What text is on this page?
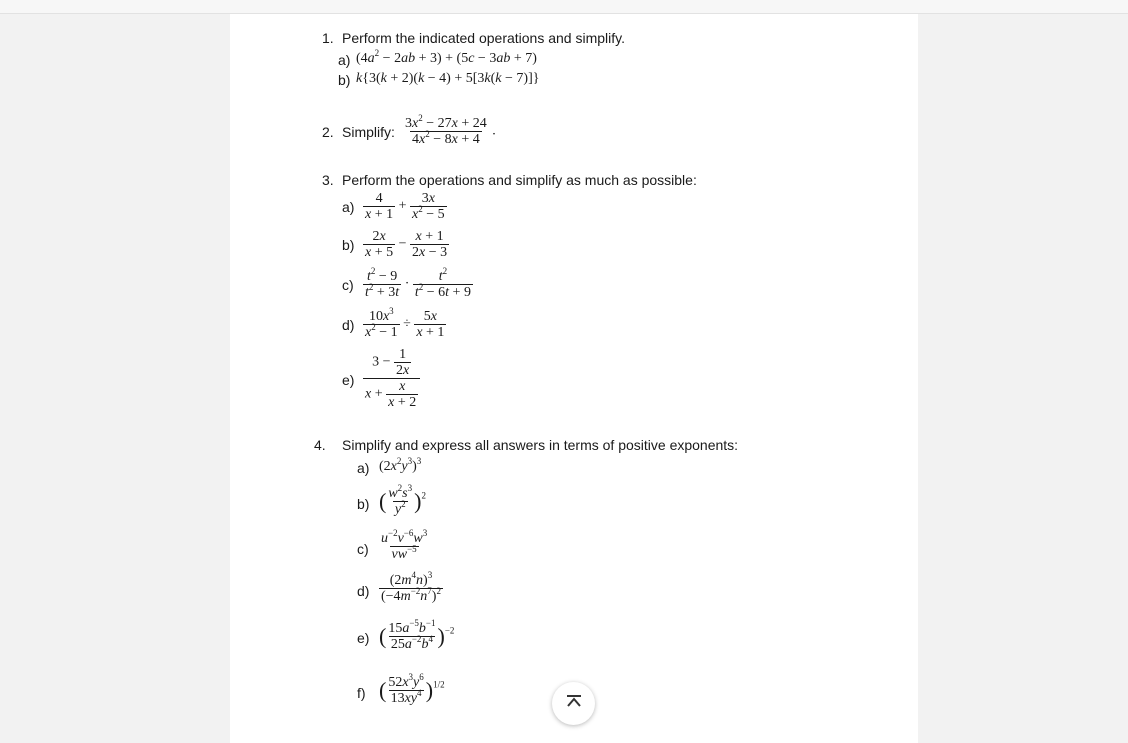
1. Perform the indicated operations and simplify.
a) $(4a^2 - 2ab + 3) + (5c - 3ab + 7)$
b) k{3(k + 2)(k − 4) + 5[3k(k − 7)]}
2. Simplify: $\frac{3x^2 - 27x + 24}{4x^2 - 8x + 4}$ .
3. Perform the operations and simplify as much as possible:
$a) \frac{4}{x + 1} + \frac{3x}{x^2 - 5}$
$b) \frac{2x}{x + 5} - \frac{x + 1}{2x - 3}$
$c) \frac{t^2 - 9}{t^2 + 3t} \cdot \frac{t^2}{t^2 - 6t + 9}$
$d) \frac{10x^3}{x^2 - 1} \div \frac{5x}{x + 1}$
$e) \frac{3 - \frac{1}{2x}}{x + \frac{x}{x + 2}}$
4. Simplify and express all answers in terms of positive exponents:
a) $(2x^2y^3)^3$
b) ( $\frac{w^2s^3}{y^2} )^2$
$c) \frac{u^{-2}v^{-6}w^3}{vw^{-5}}$
$d) \frac{(2m^4n)^3}{(-4m^{-2}n^7)^2}$
e) ( $\frac{15a^{-5}b^{-1}}{25a^{-2}b^4} )^{-2}$
f) ( $\frac{52x^3y^6}{13xy^4} )^{1/2}$
